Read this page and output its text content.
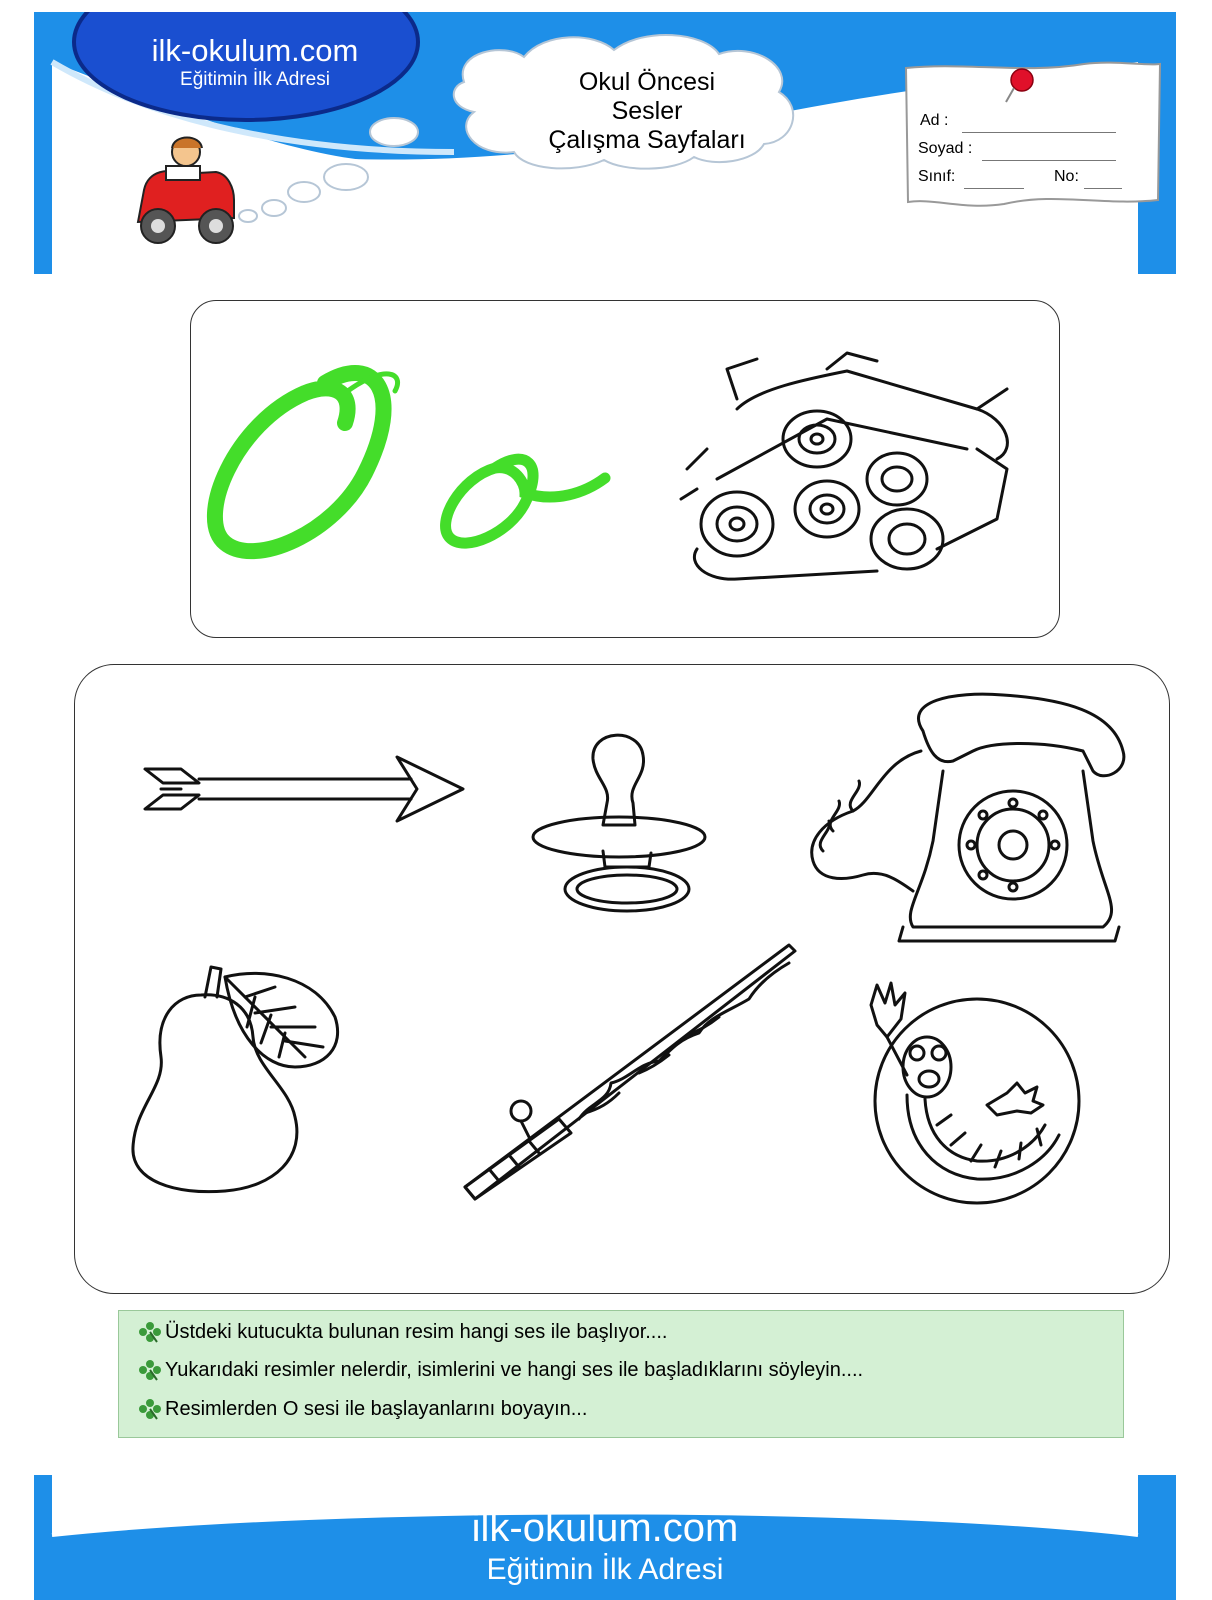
ilk-okulum.com
Eğitimin İlk Adresi	Okul Öncesi
Sesler
Çalışma Sayfaları
Ad :
Soyad :
Sınıf:	No:
Üstdeki kutucukta bulunan resim hangi ses ile başlıyor....
Yukarıdaki resimler nelerdir, isimlerini ve hangi ses ile başladıklarını söyleyin....
Resimlerden O sesi ile başlayanlarını boyayın...
ilk-okulum.com
Eğitimin İlk Adresi
